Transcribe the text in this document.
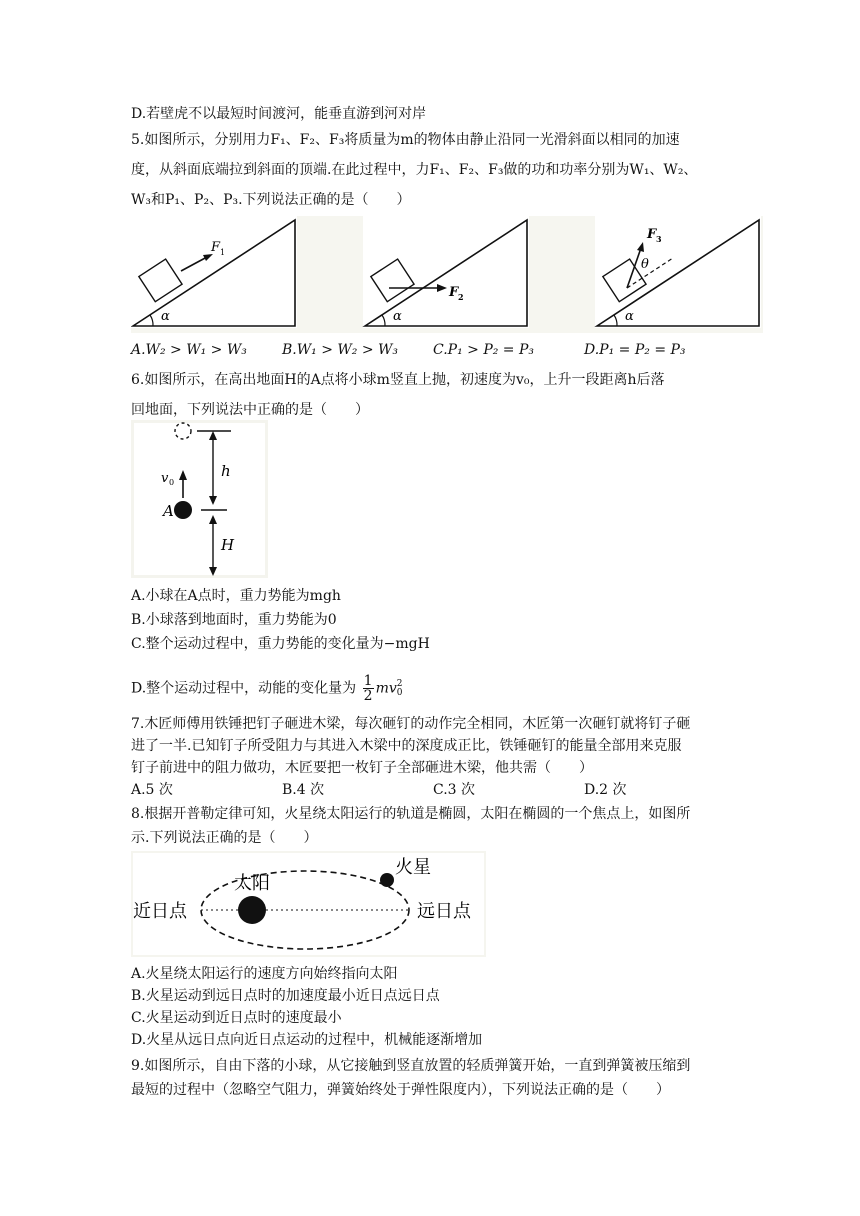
D.若壁虎不以最短时间渡河，能垂直游到河对岸
5.如图所示，分别用力F₁、F₂、F₃将质量为m的物体由静止沿同一光滑斜面以相同的加速
度，从斜面底端拉到斜面的顶端.在此过程中，力F₁、F₂、F₃做的功和功率分别为W₁、W₂、
W₃和P₁、P₂、P₃.下列说法正确的是（　　）
F 1
α
F 2
α
F 3
θ
α
A.W₂ > W₁ > W₃	B.W₁ > W₂ > W₃ C.P₁ > P₂ = P₃	D.P₁ = P₂ = P₃
6.如图所示，在高出地面H的A点将小球m竖直上抛，初速度为v₀，上升一段距离h后落
回地面，下列说法中正确的是（　　）
h
H
A
v 0
A.小球在A点时，重力势能为mgh
B.小球落到地面时，重力势能为0
C.整个运动过程中，重力势能的变化量为−mgH
D.整个运动过程中，动能的变化量为 $\frac{1}{2}$ mv 2
0
7.木匠师傅用铁锤把钉子砸进木梁，每次砸钉的动作完全相同，木匠第一次砸钉就将钉子砸
进了一半.已知钉子所受阻力与其进入木梁中的深度成正比，铁锤砸钉的能量全部用来克服
钉子前进中的阻力做功，木匠要把一枚钉子全部砸进木梁，他共需（　　）
A.5 次	B.4 次	C.3 次	D.2 次
8.根据开普勒定律可知，火星绕太阳运行的轨道是椭圆，太阳在椭圆的一个焦点上，如图所
示.下列说法正确的是（　　）
太阳
火星
近日点	远日点
A.火星绕太阳运行的速度方向始终指向太阳
B.火星运动到远日点时的加速度最小近日点远日点
C.火星运动到近日点时的速度最小
D.火星从远日点向近日点运动的过程中，机械能逐渐增加
9.如图所示，自由下落的小球，从它接触到竖直放置的轻质弹簧开始，一直到弹簧被压缩到
最短的过程中（忽略空气阻力，弹簧始终处于弹性限度内），下列说法正确的是（　　）
